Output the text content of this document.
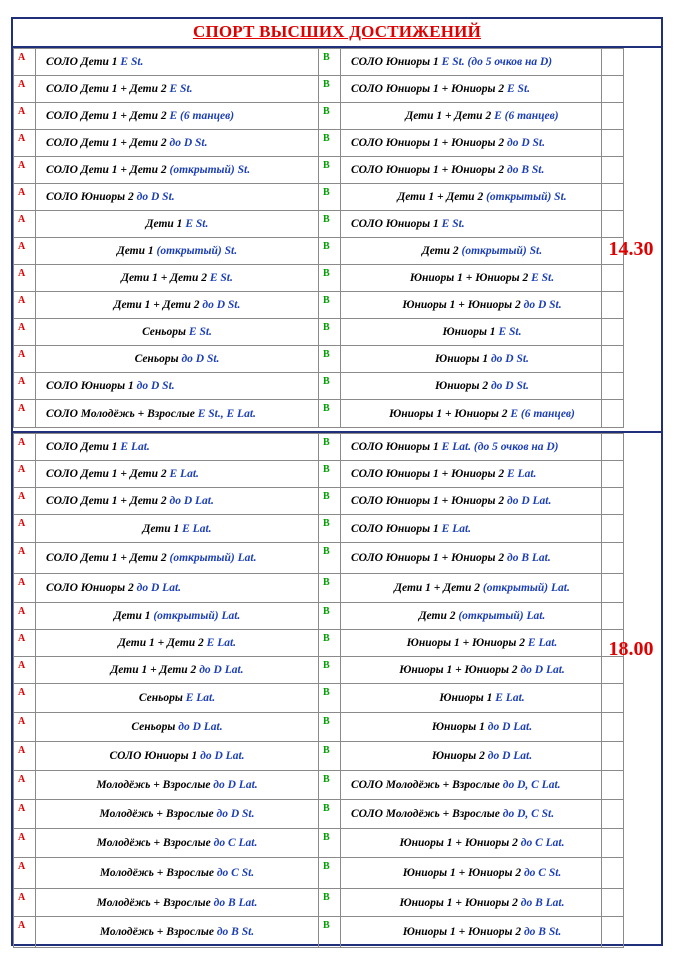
СПОРТ ВЫСШИХ ДОСТИЖЕНИЙ
А	СОЛО Дети 1 E St.	В	СОЛО Юниоры 1 E St. (до 5 очков на D)
А	СОЛО Дети 1 + Дети 2 E St.	В	СОЛО Юниоры 1 + Юниоры 2 E St.
А	СОЛО Дети 1 + Дети 2 E (6 танцев)	В	Дети 1 + Дети 2 E (6 танцев)
А	СОЛО Дети 1 + Дети 2 до D St.	В	СОЛО Юниоры 1 + Юниоры 2 до D St.
А	СОЛО Дети 1 + Дети 2 (открытый) St.	В	СОЛО Юниоры 1 + Юниоры 2 до B St.
А	СОЛО Юниоры 2 до D St.	В	Дети 1 + Дети 2 (открытый) St.
А	Дети 1 E St.	В	СОЛО Юниоры 1 E St.
А	Дети 1 (открытый) St.	В	Дети 2 (открытый) St.
А	Дети 1 + Дети 2 E St.	В	Юниоры 1 + Юниоры 2 E St.
А	Дети 1 + Дети 2 до D St.	В	Юниоры 1 + Юниоры 2 до D St.
А	Сеньоры E St.	В	Юниоры 1 E St.
А	Сеньоры до D St.	В	Юниоры 1 до D St.
А	СОЛО Юниоры 1 до D St.	В	Юниоры 2 до D St.
А	СОЛО Молодёжь + Взрослые E St., E Lat.	В	Юниоры 1 + Юниоры 2 E (6 танцев)
14.30
А	СОЛО Дети 1 E Lat.	В	СОЛО Юниоры 1 E Lat. (до 5 очков на D)
А	СОЛО Дети 1 + Дети 2 E Lat.	В	СОЛО Юниоры 1 + Юниоры 2 E Lat.
А	СОЛО Дети 1 + Дети 2 до D Lat.	В	СОЛО Юниоры 1 + Юниоры 2 до D Lat.
А	Дети 1 E Lat.	В	СОЛО Юниоры 1 E Lat.
А	СОЛО Дети 1 + Дети 2 (открытый) Lat.	В	СОЛО Юниоры 1 + Юниоры 2 до B Lat.
А	СОЛО Юниоры 2 до D Lat.	В	Дети 1 + Дети 2 (открытый) Lat.
А	Дети 1 (открытый) Lat.	В	Дети 2 (открытый) Lat.
А	Дети 1 + Дети 2 E Lat.	В	Юниоры 1 + Юниоры 2 E Lat.
А	Дети 1 + Дети 2 до D Lat.	В	Юниоры 1 + Юниоры 2 до D Lat.
А	Сеньоры E Lat.	В	Юниоры 1 E Lat.
А	Сеньоры до D Lat.	В	Юниоры 1 до D Lat.
А	СОЛО Юниоры 1 до D Lat.	В	Юниоры 2 до D Lat.
А	Молодёжь + Взрослые до D Lat.	В	СОЛО Молодёжь + Взрослые до D, C Lat.
А	Молодёжь + Взрослые до D St.	В	СОЛО Молодёжь + Взрослые до D, C St.
А	Молодёжь + Взрослые до C Lat.	В	Юниоры 1 + Юниоры 2 до C Lat.
А	Молодёжь + Взрослые до C St.	В	Юниоры 1 + Юниоры 2 до C St.
А	Молодёжь + Взрослые до B Lat.	В	Юниоры 1 + Юниоры 2 до B Lat.
А	Молодёжь + Взрослые до B St.	В	Юниоры 1 + Юниоры 2 до B St.
18.00
